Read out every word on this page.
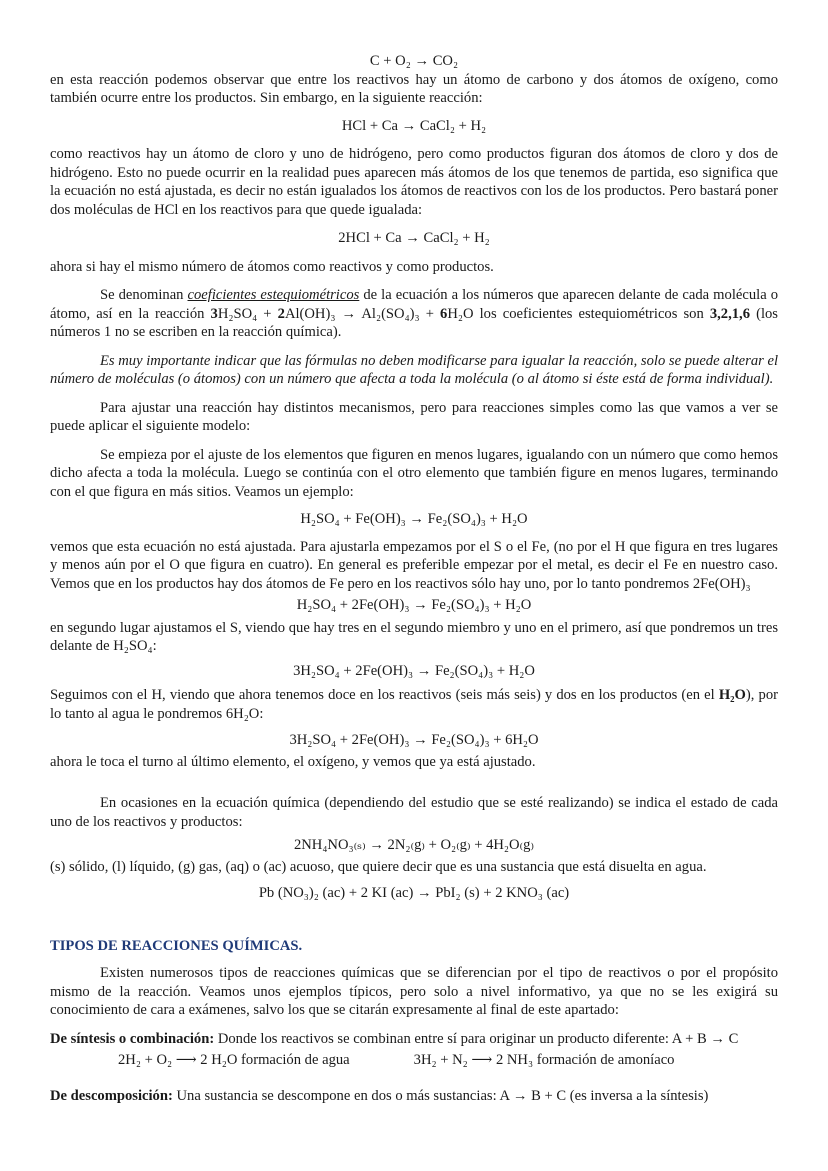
C + O₂ → CO₂

en esta reacción podemos observar que entre los reactivos hay un átomo de carbono y dos átomos de oxígeno, como también ocurre entre los productos. Sin embargo, en la siguiente reacción:

HCl + Ca → CaCl₂ + H₂

como reactivos hay un átomo de cloro y uno de hidrógeno, pero como productos figuran dos átomos de cloro y dos de hidrógeno. Esto no puede ocurrir en la realidad pues aparecen más átomos de los que tenemos de partida, eso significa que la ecuación no está ajustada, es decir no están igualados los átomos de reactivos con los de los productos. Pero bastará poner dos moléculas de HCl en los reactivos para que quede igualada:

2HCl + Ca → CaCl₂ + H₂

ahora si hay el mismo número de átomos como reactivos y como productos.

Se denominan coeficientes estequiométricos de la ecuación a los números que aparecen delante de cada molécula o átomo, así en la reacción 3H₂SO₄ + 2Al(OH)₃ → Al₂(SO₄)₃ + 6H₂O los coeficientes estequiométricos son 3,2,1,6 (los números 1 no se escriben en la reacción química).

Es muy importante indicar que las fórmulas no deben modificarse para igualar la reacción, solo se puede alterar el número de moléculas (o átomos) con un número que afecta a toda la molécula (o al átomo si éste está de forma individual).

Para ajustar una reacción hay distintos mecanismos, pero para reacciones simples como las que vamos a ver se puede aplicar el siguiente modelo:

Se empieza por el ajuste de los elementos que figuren en menos lugares, igualando con un número que como hemos dicho afecta a toda la molécula. Luego se continúa con el otro elemento que también figure en menos lugares, terminando con el que figura en más sitios. Veamos un ejemplo:

H₂SO₄ + Fe(OH)₃ → Fe₂(SO₄)₃ + H₂O

vemos que esta ecuación no está ajustada. Para ajustarla empezamos por el S o el Fe, (no por el H que figura en tres lugares y menos aún por el O que figura en cuatro). En general es preferible empezar por el metal, es decir el Fe en nuestro caso. Vemos que en los productos hay dos átomos de Fe pero en los reactivos sólo hay uno, por lo tanto pondremos 2Fe(OH)₃

H₂SO₄ + 2Fe(OH)₃ → Fe₂(SO₄)₃ + H₂O

en segundo lugar ajustamos el S, viendo que hay tres en el segundo miembro y uno en el primero, así que pondremos un tres delante de H₂SO₄:

3H₂SO₄ + 2Fe(OH)₃ → Fe₂(SO₄)₃ + H₂O

Seguimos con el H, viendo que ahora tenemos doce en los reactivos (seis más seis) y dos en los productos (en el H₂O), por lo tanto al agua le pondremos 6H₂O:

3H₂SO₄ + 2Fe(OH)₃ → Fe₂(SO₄)₃ + 6H₂O

ahora le toca el turno al último elemento, el oxígeno, y vemos que ya está ajustado.

En ocasiones en la ecuación química (dependiendo del estudio que se esté realizando) se indica el estado de cada uno de los reactivos y productos:

2NH₄NO₃₍ₛ₎ → 2N₂₍g₎ + O₂₍g₎ + 4H₂O₍g₎

(s) sólido, (l) líquido, (g) gas, (aq) o (ac) acuoso, que quiere decir que es una sustancia que está disuelta en agua.

Pb (NO₃)₂ (ac) + 2 KI (ac) → PbI₂ (s) + 2 KNO₃ (ac)

TIPOS DE REACCIONES QUÍMICAS.

Existen numerosos tipos de reacciones químicas que se diferencian por el tipo de reactivos o por el propósito mismo de la reacción. Veamos unos ejemplos típicos, pero solo a nivel informativo, ya que no se les exigirá su conocimiento de cara a exámenes, salvo los que se citarán expresamente al final de este apartado:

De síntesis o combinación: Donde los reactivos se combinan entre sí para originar un producto diferente: A + B → C

2H₂ + O₂ ⟶ 2 H₂O formación de agua	3H₂ + N₂ ⟶ 2 NH₃ formación de amoníaco

De descomposición: Una sustancia se descompone en dos o más sustancias: A → B + C (es inversa a la síntesis)
